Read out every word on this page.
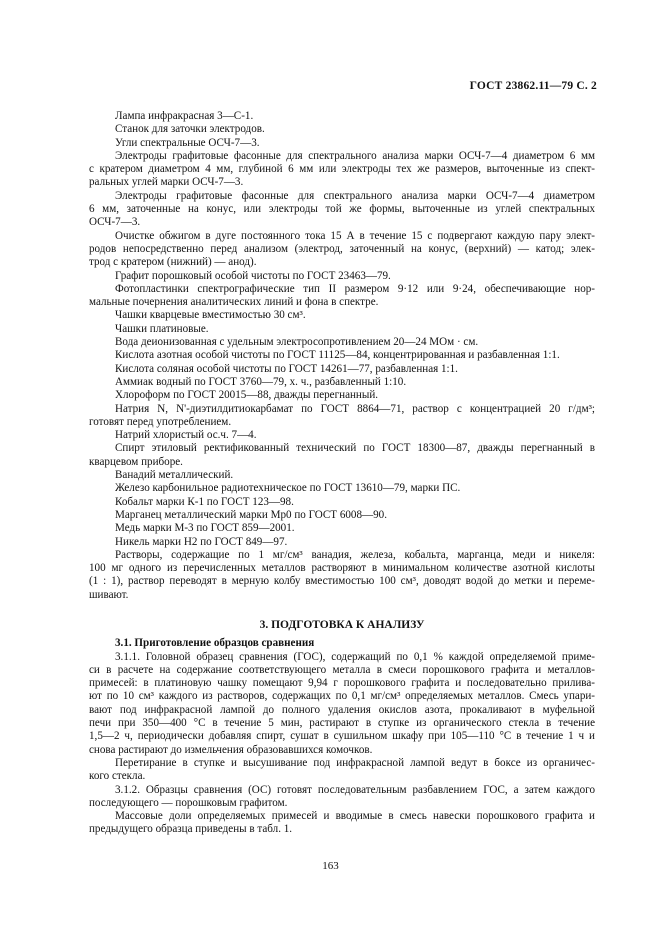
ГОСТ 23862.11—79 С. 2
Лампа инфракрасная 3—С-1.
Станок для заточки электродов.
Угли спектральные ОСЧ-7—3.
Электроды графитовые фасонные для спектрального анализа марки ОСЧ-7—4 диаметром 6 мм
с кратером диаметром 4 мм, глубиной 6 мм или электроды тех же размеров, выточенные из спект-
ральных углей марки ОСЧ-7—3.
Электроды графитовые фасонные для спектрального анализа марки ОСЧ-7—4 диаметром
6 мм, заточенные на конус, или электроды той же формы, выточенные из углей спектральных
ОСЧ-7—3.
Очистке обжигом в дуге постоянного тока 15 А в течение 15 с подвергают каждую пару элект-
родов непосредственно перед анализом (электрод, заточенный на конус, (верхний) — катод; элек-
трод с кратером (нижний) — анод).
Графит порошковый особой чистоты по ГОСТ 23463—79.
Фотопластинки спектрографические тип II размером 9·12 или 9·24, обеспечивающие нор-
мальные почернения аналитических линий и фона в спектре.
Чашки кварцевые вместимостью 30 см³.
Чашки платиновые.
Вода деионизованная с удельным электросопротивлением 20—24 МОм · см.
Кислота азотная особой чистоты по ГОСТ 11125—84, концентрированная и разбавленная 1:1.
Кислота соляная особой чистоты по ГОСТ 14261—77, разбавленная 1:1.
Аммиак водный по ГОСТ 3760—79, х. ч., разбавленный 1:10.
Хлороформ по ГОСТ 20015—88, дважды перегнанный.
Натрия N, N'-диэтилдитиокарбамат по ГОСТ 8864—71, раствор с концентрацией 20 г/дм³;
готовят перед употреблением.
Натрий хлористый ос.ч. 7—4.
Спирт этиловый ректификованный технический по ГОСТ 18300—87, дважды перегнанный в
кварцевом приборе.
Ванадий металлический.
Железо карбонильное радиотехническое по ГОСТ 13610—79, марки ПС.
Кобальт марки К-1 по ГОСТ 123—98.
Марганец металлический марки Мр0 по ГОСТ 6008—90.
Медь марки М-3 по ГОСТ 859—2001.
Никель марки Н2 по ГОСТ 849—97.
Растворы, содержащие по 1 мг/см³ ванадия, железа, кобальта, марганца, меди и никеля:
100 мг одного из перечисленных металлов растворяют в минимальном количестве азотной кислоты
(1 : 1), раствор переводят в мерную колбу вместимостью 100 см³, доводят водой до метки и переме-
шивают.
3. ПОДГОТОВКА К АНАЛИЗУ
3.1. Приготовление образцов сравнения
3.1.1. Головной образец сравнения (ГОС), содержащий по 0,1 % каждой определяемой приме-
си в расчете на содержание соответствующего металла в смеси порошкового графита и металлов-
примесей: в платиновую чашку помещают 9,94 г порошкового графита и последовательно прилива-
ют по 10 см³ каждого из растворов, содержащих по 0,1 мг/см³ определяемых металлов. Смесь упари-
вают под инфракрасной лампой до полного удаления окислов азота, прокаливают в муфельной
печи при 350—400 °С в течение 5 мин, растирают в ступке из органического стекла в течение
1,5—2 ч, периодически добавляя спирт, сушат в сушильном шкафу при 105—110 °С в течение 1 ч и
снова растирают до измельчения образовавшихся комочков.
Перетирание в ступке и высушивание под инфракрасной лампой ведут в боксе из органичес-
кого стекла.
3.1.2. Образцы сравнения (ОС) готовят последовательным разбавлением ГОС, а затем каждого
последующего — порошковым графитом.
Массовые доли определяемых примесей и вводимые в смесь навески порошкового графита и
предыдущего образца приведены в табл. 1.
163
